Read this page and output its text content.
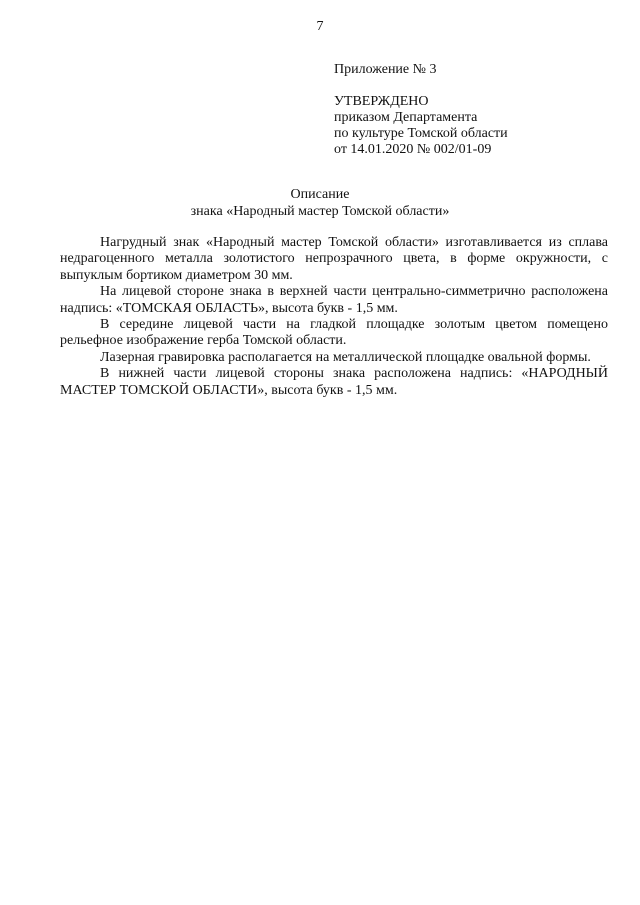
7
Приложение № 3
УТВЕРЖДЕНО
приказом Департамента
по культуре Томской области
от 14.01.2020 № 002/01-09
Описание
знака «Народный мастер Томской области»

Нагрудный знак «Народный мастер Томской области» изготавливается из сплава недрагоценного металла золотистого непрозрачного цвета, в форме окружности, с выпуклым бортиком диаметром 30 мм.

На лицевой стороне знака в верхней части центрально-симметрично расположена надпись: «ТОМСКАЯ ОБЛАСТЬ», высота букв - 1,5 мм.

В середине лицевой части на гладкой площадке золотым цветом помещено рельефное изображение герба Томской области.

Лазерная гравировка располагается на металлической площадке овальной формы.

В нижней части лицевой стороны знака расположена надпись: «НАРОДНЫЙ МАСТЕР ТОМСКОЙ ОБЛАСТИ», высота букв - 1,5 мм.
